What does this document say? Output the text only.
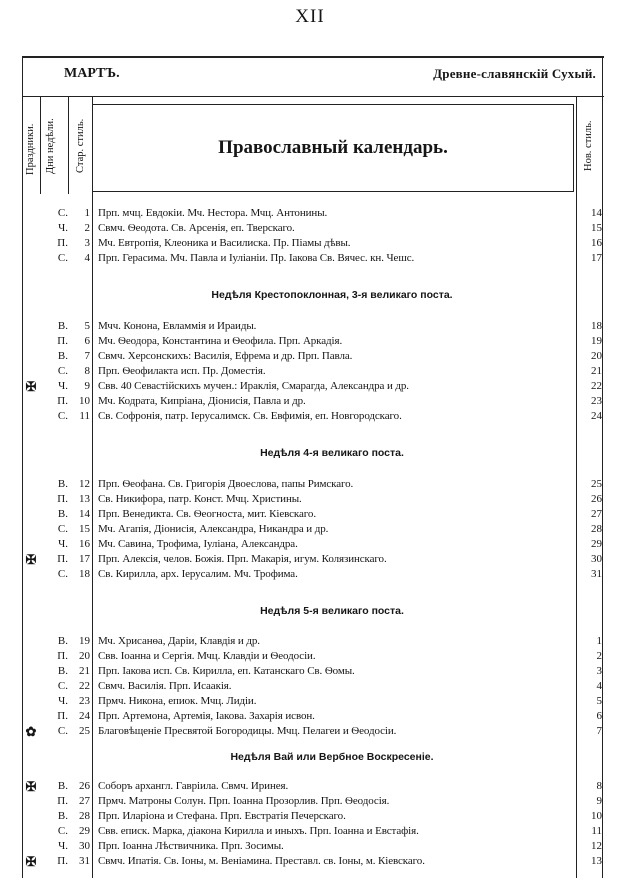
XII
МАРТЪ.	Древне-славянскій Сухый.
Праздники. Дни недѣли. Стар. стиль.	Нов. стиль.
Православный календарь.
С.	1 Прп. мчц. Евдокіи. Мч. Нестора. Мчц. Антонины.	14
Ч.	2 Свмч. Ѳеодота. Св. Арсенія, еп. Тверскаго.	15
П.	3 Мч. Евтропія, Клеоника и Василиска. Пр. Піамы дѣвы.	16
С.	4 Прп. Герасима. Мч. Павла и Іуліаніи. Пр. Іакова Св. Вячес. кн. Чешс.	17
Недѣля Крестопоклонная, 3-я великаго поста.
В.	5 Мчч. Конона, Евламмія и Ираиды.	18
П.	6 Мч. Ѳеодора, Константина и Ѳеофила. Прп. Аркадія.	19
В.	7 Свмч. Херсонскихъ: Василія, Ефрема и др. Прп. Павла.	20
С.	8 Прп. Ѳеофилакта исп. Пр. Доместія.	21
✠	Ч.	9 Свв. 40 Севастійскихъ мучен.: Ираклія, Смарагда, Александра и др.	22
П.	10 Мч. Кодрата, Кипріана, Діонисія, Павла и др.	23
С.	11 Св. Софронія, патр. Іерусалимск. Св. Евфимія, еп. Новгородскаго.	24
Недѣля 4-я великаго поста.
В.	12 Прп. Ѳеофана. Св. Григорія Двоеслова, папы Римскаго.	25
П.	13 Св. Никифора, патр. Конст. Мчц. Христины.	26
В.	14 Прп. Венедикта. Св. Ѳеогноста, мит. Кіевскаго.	27
С.	15 Мч. Агапія, Діонисія, Александра, Никандра и др.	28
Ч.	16 Мч. Савина, Трофима, Іуліана, Александра.	29
✠	П.	17 Прп. Алексія, челов. Божія. Прп. Макарія, игум. Колязинскаго.	30
С.	18 Св. Кирилла, арх. Іерусалим. Мч. Трофима.	31
Недѣля 5-я великаго поста.
В.	19 Мч. Хрисанѳа, Даріи, Клавдія и др.	1
П.	20 Свв. Іоанна и Сергія. Мчц. Клавдіи и Ѳеодосіи.	2
В.	21 Прп. Іакова исп. Св. Кирилла, еп. Катанскаго Св. Ѳомы.	3
С.	22 Свмч. Василія. Прп. Исаакія.	4
Ч.	23 Прмч. Никона, епиок. Мчц. Лидіи.	5
П.	24 Прп. Артемона, Артемія, Іакова. Захарія исвон.	6
✿	С.	25 Благовѣщеніе Пресвятой Богородицы. Мчц. Пелагеи и Ѳеодосіи.	7
Недѣля Вай или Вербное Воскресеніе.
✠	В.	26 Соборъ архангл. Гавріила. Свмч. Иринея.	8
П.	27 Прмч. Матроны Солун. Прп. Іоанна Прозорлив. Прп. Ѳеодосія.	9
В.	28 Прп. Иларіона и Стефана. Прп. Евстратія Печерскаго.	10
С.	29 Свв. еписк. Марка, діакона Кирилла и иныхъ. Прп. Іоанна и Евстафія.	11
Ч.	30 Прп. Іоанна Лѣствичника. Прп. Зосимы.	12
✠	П.	31 Свмч. Ипатія. Св. Іоны, м. Веніамина. Преставл. св. Іоны, м. Кіевскаго.	13
